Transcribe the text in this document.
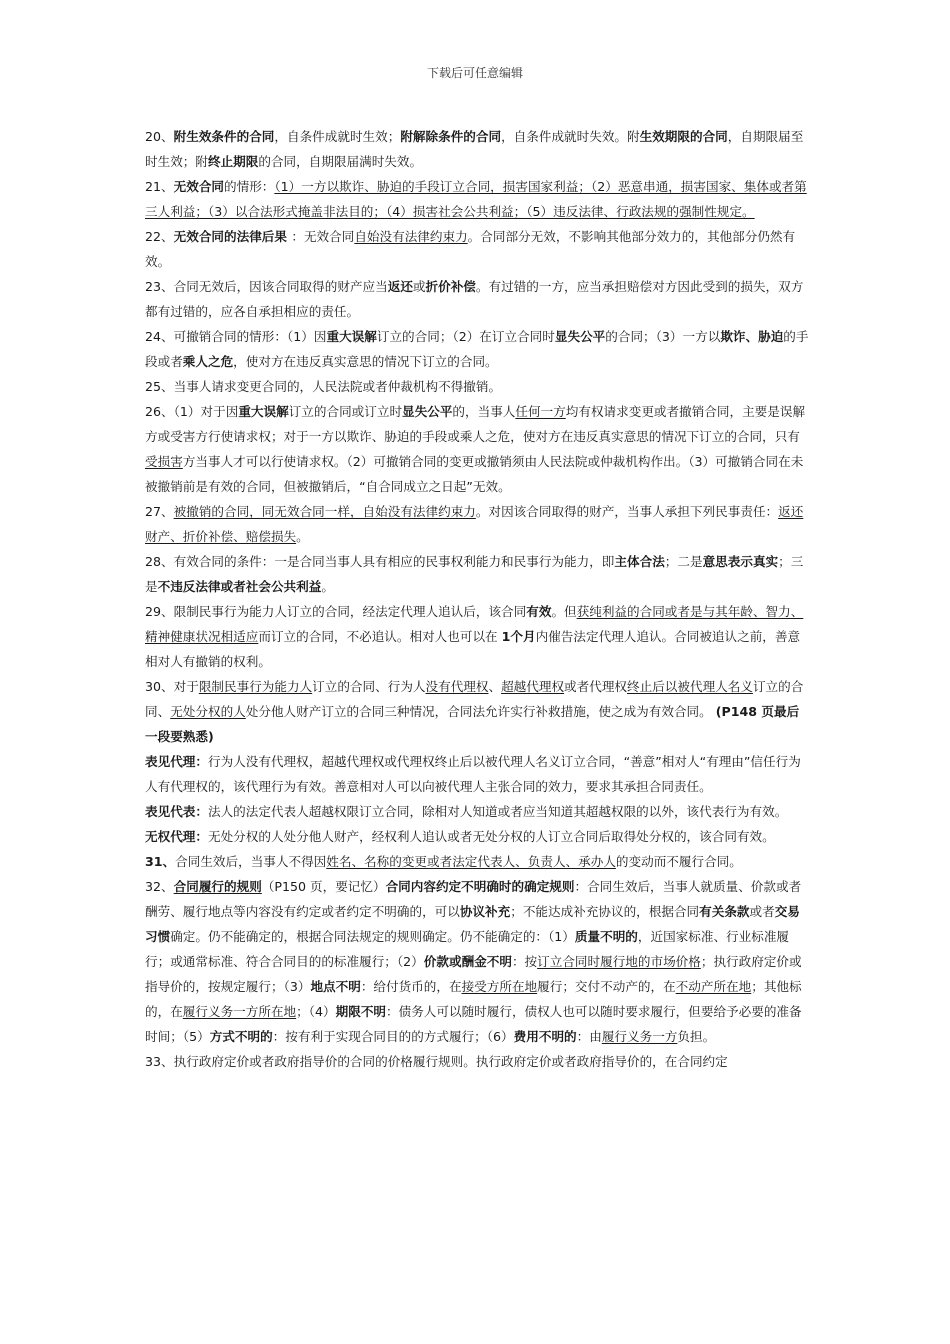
下载后可任意编辑
20、附生效条件的合同，自条件成就时生效；附解除条件的合同，自条件成就时失效。附生效期限的合同，自期限届至时生效；附终止期限的合同，自期限届满时失效。
21、无效合同的情形：（1）一方以欺诈、胁迫的手段订立合同，损害国家利益；（2）恶意串通，损害国家、集体或者第三人利益；（3）以合法形式掩盖非法目的；（4）损害社会公共利益；（5）违反法律、行政法规的强制性规定。
22、无效合同的法律后果 ：无效合同自始没有法律约束力。合同部分无效，不影响其他部分效力的，其他部分仍然有效。
23、合同无效后，因该合同取得的财产应当返还或折价补偿。有过错的一方，应当承担赔偿对方因此受到的损失，双方都有过错的，应各自承担相应的责任。
24、可撤销合同的情形：（1）因重大误解订立的合同；（2）在订立合同时显失公平的合同；（3）一方以欺诈、胁迫的手段或者乘人之危，使对方在违反真实意思的情况下订立的合同。
25、当事人请求变更合同的，人民法院或者仲裁机构不得撤销。
26、（1）对于因重大误解订立的合同或订立时显失公平的，当事人任何一方均有权请求变更或者撤销合同，主要是误解方或受害方行使请求权；对于一方以欺诈、胁迫的手段或乘人之危，使对方在违反真实意思的情况下订立的合同，只有受损害方当事人才可以行使请求权。（2）可撤销合同的变更或撤销须由人民法院或仲裁机构作出。（3）可撤销合同在未被撤销前是有效的合同，但被撤销后，“自合同成立之日起”无效。
27、被撤销的合同，同无效合同一样，自始没有法律约束力。对因该合同取得的财产，当事人承担下列民事责任：返还财产、折价补偿、赔偿损失。
28、有效合同的条件：一是合同当事人具有相应的民事权利能力和民事行为能力，即主体合法；二是意思表示真实；三是不违反法律或者社会公共利益。
29、限制民事行为能力人订立的合同，经法定代理人追认后，该合同有效。但获纯利益的合同或者是与其年龄、智力、精神健康状况相适应而订立的合同，不必追认。相对人也可以在 1个月内催告法定代理人追认。合同被追认之前，善意相对人有撤销的权利。
30、对于限制民事行为能力人订立的合同、行为人没有代理权、超越代理权或者代理权终止后以被代理人名义订立的合同、无处分权的人处分他人财产订立的合同三种情况，合同法允许实行补救措施，使之成为有效合同。 (P148 页最后一段要熟悉)
表见代理：行为人没有代理权，超越代理权或代理权终止后以被代理人名义订立合同，“善意”相对人“有理由”信任行为人有代理权的，该代理行为有效。善意相对人可以向被代理人主张合同的效力，要求其承担合同责任。
表见代表：法人的法定代表人超越权限订立合同，除相对人知道或者应当知道其超越权限的以外，该代表行为有效。
无权代理：无处分权的人处分他人财产，经权利人追认或者无处分权的人订立合同后取得处分权的，该合同有效。
31、合同生效后，当事人不得因姓名、名称的变更或者法定代表人、负责人、承办人的变动而不履行合同。
32、合同履行的规则（P150 页，要记忆）合同内容约定不明确时的确定规则：合同生效后，当事人就质量、价款或者酬劳、履行地点等内容没有约定或者约定不明确的，可以协议补充；不能达成补充协议的，根据合同有关条款或者交易习惯确定。仍不能确定的，根据合同法规定的规则确定。仍不能确定的：（1）质量不明的，近国家标准、行业标准履行；或通常标准、符合合同目的的标准履行；（2）价款或酬金不明：按订立合同时履行地的市场价格；执行政府定价或指导价的，按规定履行；（3）地点不明：给付货币的，在接受方所在地履行；交付不动产的，在不动产所在地；其他标的，在履行义务一方所在地；（4）期限不明：债务人可以随时履行，债权人也可以随时要求履行，但要给予必要的准备时间；（5）方式不明的：按有利于实现合同目的的方式履行；（6）费用不明的：由履行义务一方负担。
33、执行政府定价或者政府指导价的合同的价格履行规则。执行政府定价或者政府指导价的，在合同约定
